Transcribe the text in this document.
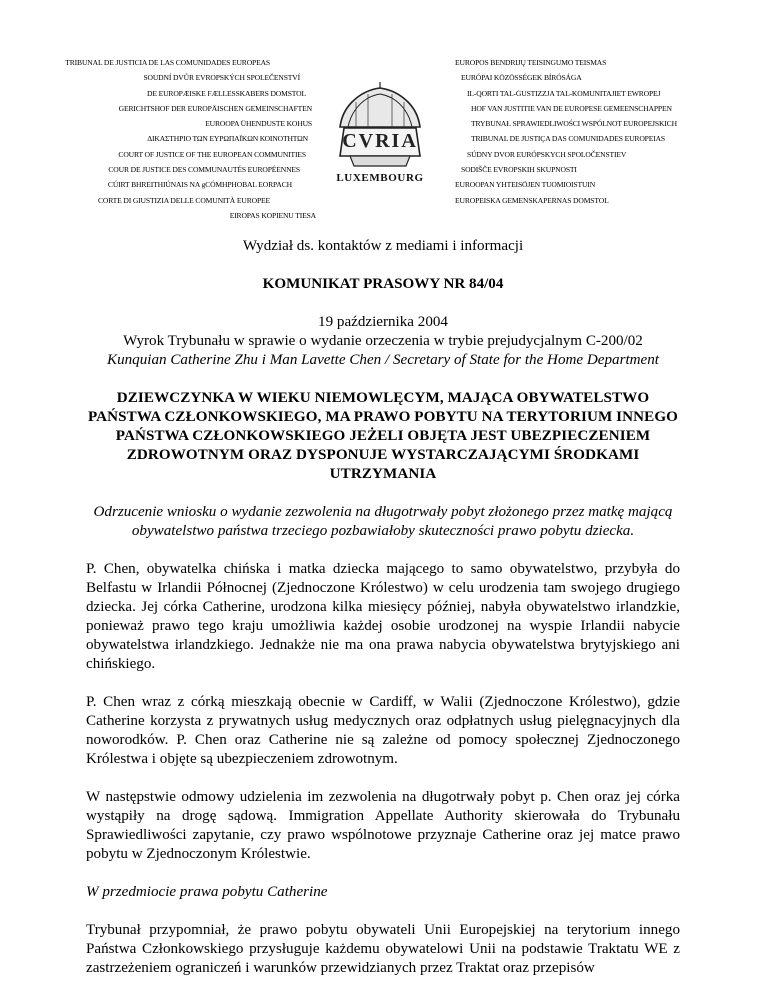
TRIBUNAL DE JUSTICIA DE LAS COMUNIDADES EUROPEAS
SOUDNÍ DVŮR EVROPSKÝCH SPOLEČENSTVÍ
DE EUROPÆISKE FÆLLESSKABERS DOMSTOL
GERICHTSHOF DER EUROPÄISCHEN GEMEINSCHAFTEN
EUROOPA ÜHENDUSTE KOHUS
ΔΙΚΑΣΤΗΡΙΟ ΤΩΝ ΕΥΡΩΠΑΪΚΩΝ ΚΟΙΝΟΤΗΤΩΝ
COURT OF JUSTICE OF THE EUROPEAN COMMUNITIES
COUR DE JUSTICE DES COMMUNAUTÉS EUROPÉENNES
CÚIRT BHREITHIÚNAIS NA gCÓMHPHOBAL EORPACH
CORTE DI GIUSTIZIA DELLE COMUNITÀ EUROPEE
EIROPAS KOPIENU TIESA
CVRIA
LUXEMBOURG
EUROPOS BENDRIJŲ TEISINGUMO TEISMAS
EURÓPAI KÖZÖSSÉGEK BÍRÓSÁGA
IL-QORTI TAL-ĠUSTIZZJA TAL-KOMUNITAJIET EWROPEJ
HOF VAN JUSTITIE VAN DE EUROPESE GEMEENSCHAPPEN
TRYBUNAŁ SPRAWIEDLIWOŚCI WSPÓLNOT EUROPEJSKICH
TRIBUNAL DE JUSTIÇA DAS COMUNIDADES EUROPEIAS
SÚDNY DVOR EURÓPSKYCH SPOLOČENSTIEV
SODIŠČE EVROPSKIH SKUPNOSTI
EUROOPAN YHTEISÖJEN TUOMIOISTUIN
EUROPEISKA GEMENSKAPERNAS DOMSTOL

Wydział ds. kontaktów z mediami i informacji

KOMUNIKAT PRASOWY NR 84/04

19 października 2004

Wyrok Trybunału w sprawie o wydanie orzeczenia w trybie prejudycjalnym C-200/02

Kunquian Catherine Zhu i Man Lavette Chen / Secretary of State for the Home Department

DZIEWCZYNKA W WIEKU NIEMOWLĘCYM, MAJĄCA OBYWATELSTWO PAŃSTWA CZŁONKOWSKIEGO, MA PRAWO POBYTU NA TERYTORIUM INNEGO PAŃSTWA CZŁONKOWSKIEGO JEŻELI OBJĘTA JEST UBEZPIECZENIEM ZDROWOTNYM ORAZ DYSPONUJE WYSTARCZAJĄCYMI ŚRODKAMI UTRZYMANIA

Odrzucenie wniosku o wydanie zezwolenia na długotrwały pobyt złożonego przez matkę mającą obywatelstwo państwa trzeciego pozbawiałoby skuteczności prawo pobytu dziecka.

P. Chen, obywatelka chińska i matka dziecka mającego to samo obywatelstwo, przybyła do Belfastu w Irlandii Północnej (Zjednoczone Królestwo) w celu urodzenia tam swojego drugiego dziecka. Jej córka Catherine, urodzona kilka miesięcy później, nabyła obywatelstwo irlandzkie, ponieważ prawo tego kraju umożliwia każdej osobie urodzonej na wyspie Irlandii nabycie obywatelstwa irlandzkiego. Jednakże nie ma ona prawa nabycia obywatelstwa brytyjskiego ani chińskiego.

P. Chen wraz z córką mieszkają obecnie w Cardiff, w Walii (Zjednoczone Królestwo), gdzie Catherine korzysta z prywatnych usług medycznych oraz odpłatnych usług pielęgnacyjnych dla noworodków. P. Chen oraz Catherine nie są zależne od pomocy społecznej Zjednoczonego Królestwa i objęte są ubezpieczeniem zdrowotnym.

W następstwie odmowy udzielenia im zezwolenia na długotrwały pobyt p. Chen oraz jej córka wystąpiły na drogę sądową. Immigration Appellate Authority skierowała do Trybunału Sprawiedliwości zapytanie, czy prawo wspólnotowe przyznaje Catherine oraz jej matce prawo pobytu w Zjednoczonym Królestwie.

W przedmiocie prawa pobytu Catherine

Trybunał przypomniał, że prawo pobytu obywateli Unii Europejskiej na terytorium innego Państwa Członkowskiego przysługuje każdemu obywatelowi Unii na podstawie Traktatu WE z zastrzeżeniem ograniczeń i warunków przewidzianych przez Traktat oraz przepisów
